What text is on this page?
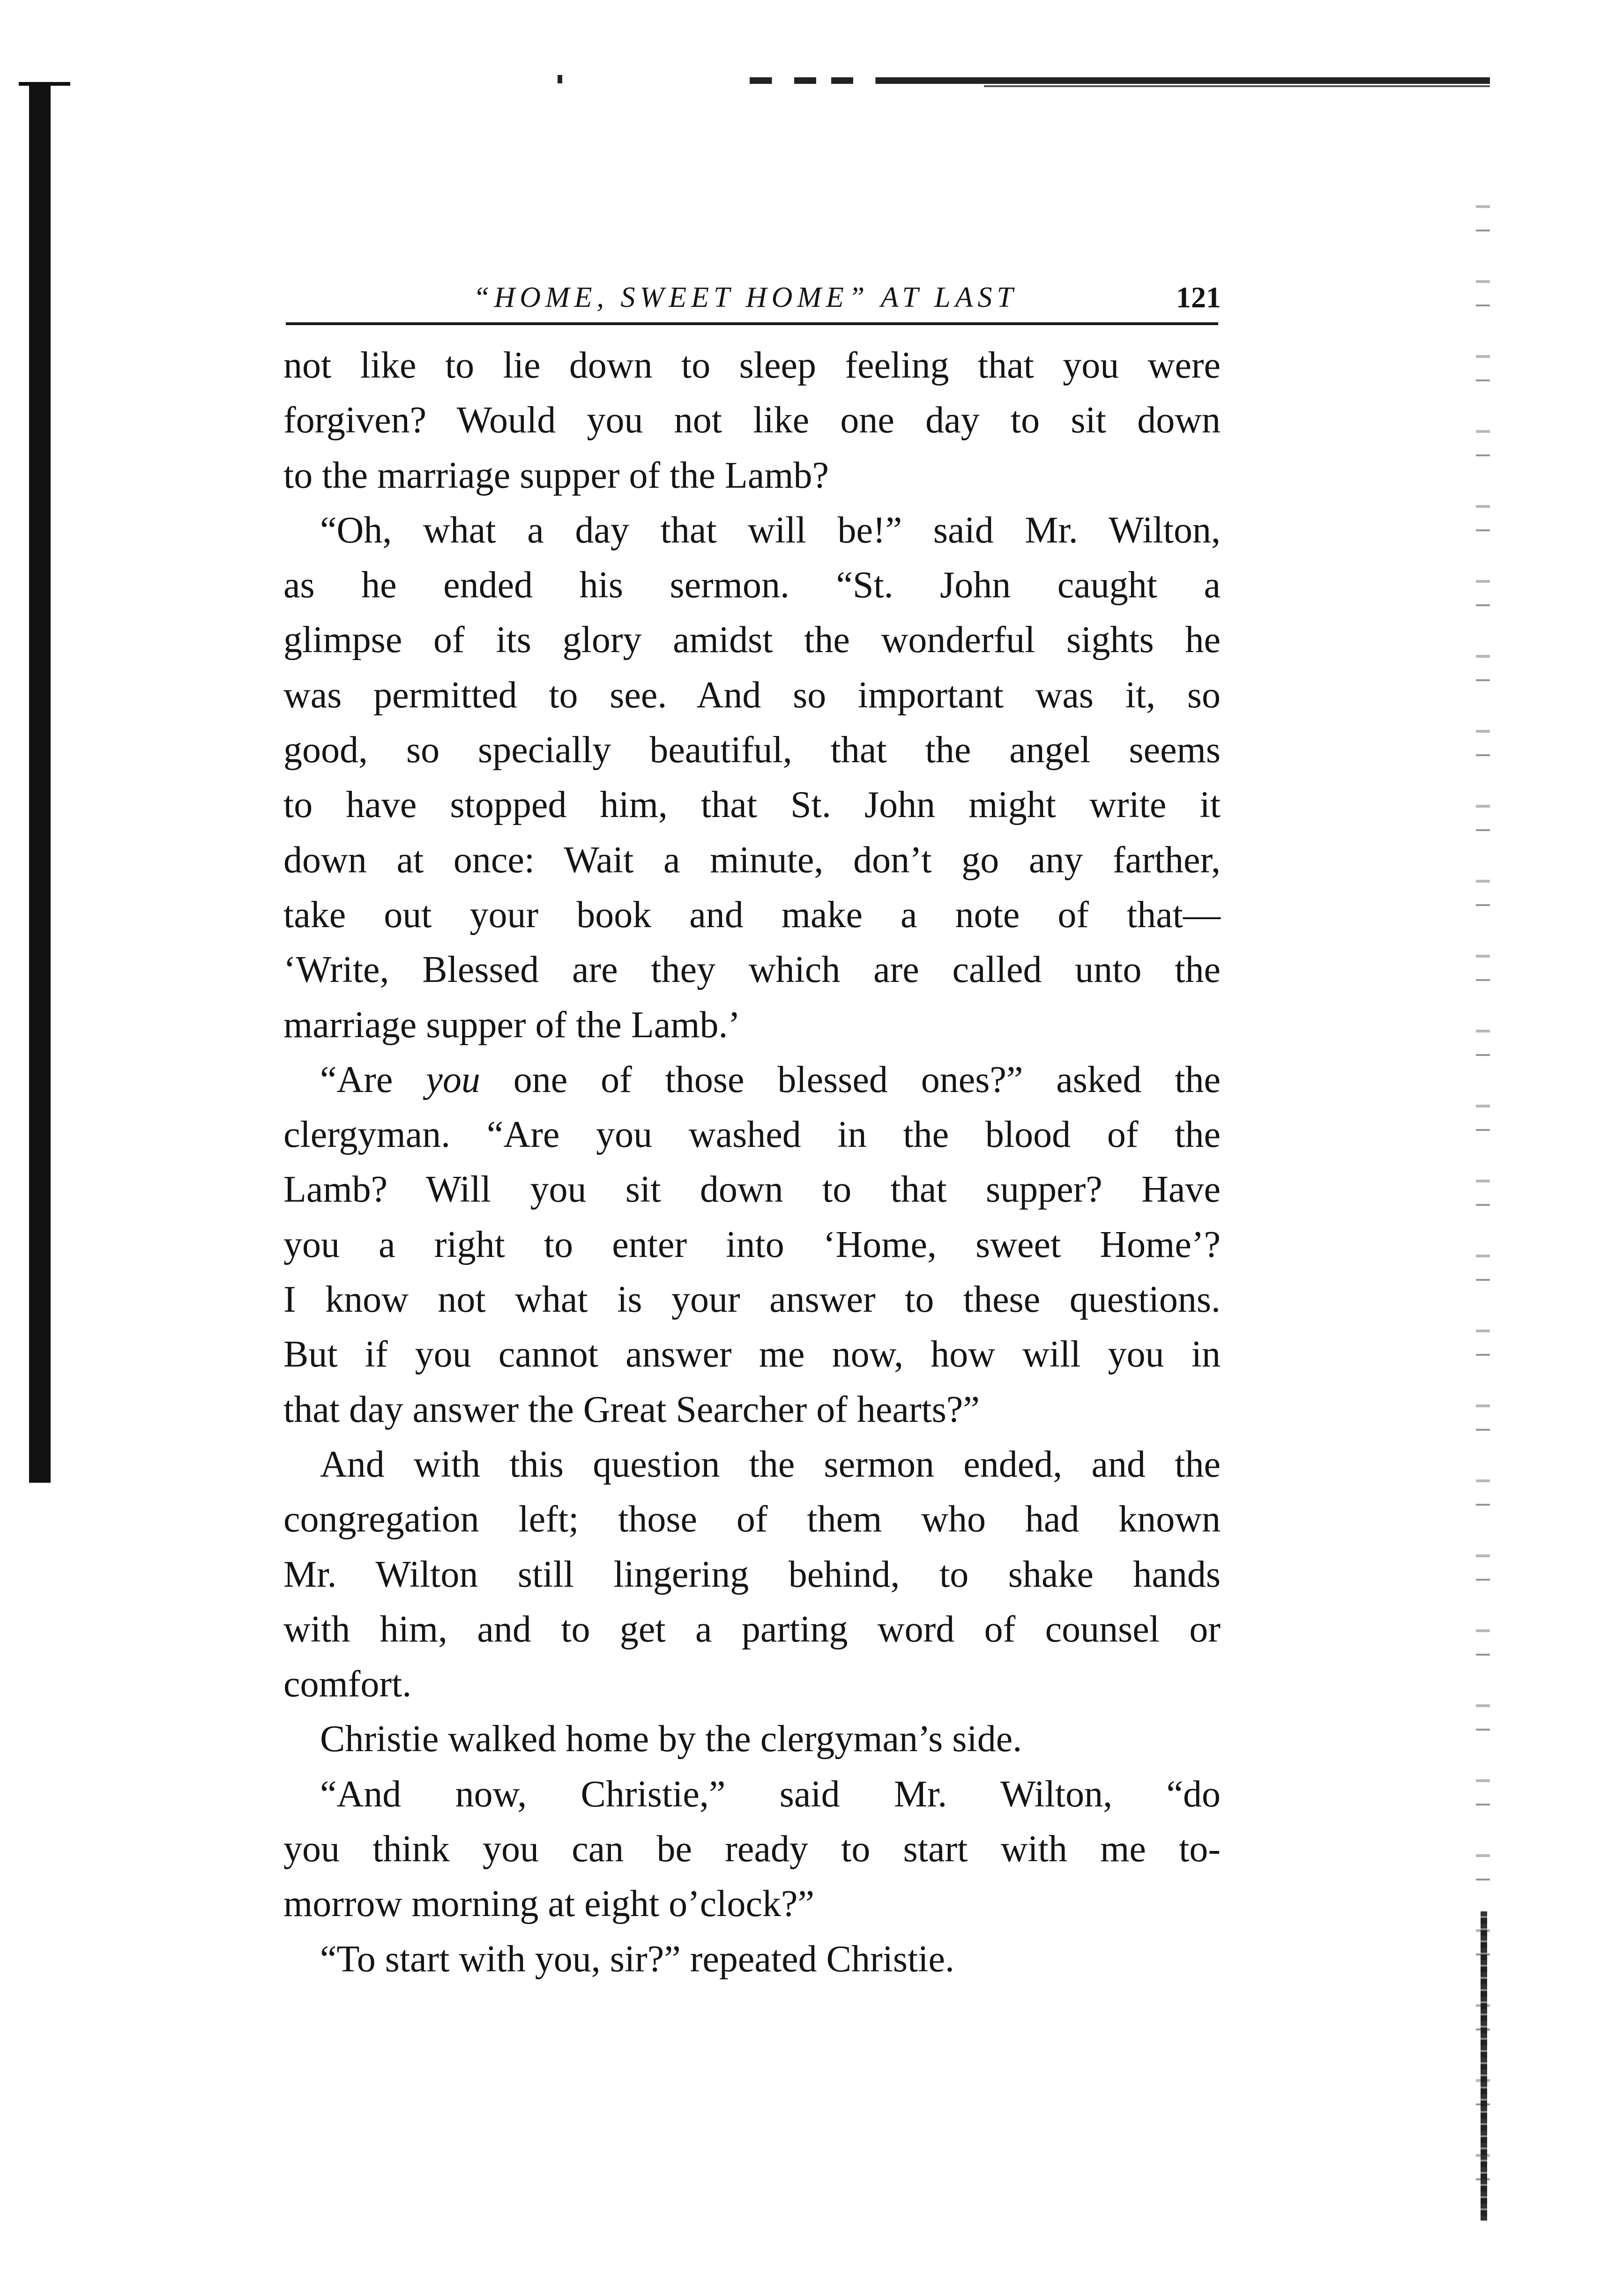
“HOME, SWEET HOME” AT LAST	121
not like to lie down to sleep feeling that you were
forgiven? Would you not like one day to sit down
to the marriage supper of the Lamb?
“Oh, what a day that will be!” said Mr. Wilton,
as he ended his sermon. “St. John caught a
glimpse of its glory amidst the wonderful sights he
was permitted to see. And so important was it, so
good, so specially beautiful, that the angel seems
to have stopped him, that St. John might write it
down at once: Wait a minute, don’t go any farther,
take out your book and make a note of that—
‘Write, Blessed are they which are called unto the
marriage supper of the Lamb.’
“Are you one of those blessed ones?” asked the
clergyman. “Are you washed in the blood of the
Lamb? Will you sit down to that supper? Have
you a right to enter into ‘Home, sweet Home’?
I know not what is your answer to these questions.
But if you cannot answer me now, how will you in
that day answer the Great Searcher of hearts?”
And with this question the sermon ended, and the
congregation left; those of them who had known
Mr. Wilton still lingering behind, to shake hands
with him, and to get a parting word of counsel or
comfort.
Christie walked home by the clergyman’s side.
“And now, Christie,” said Mr. Wilton, “do
you think you can be ready to start with me to-
morrow morning at eight o’clock?”
“To start with you, sir?” repeated Christie.
